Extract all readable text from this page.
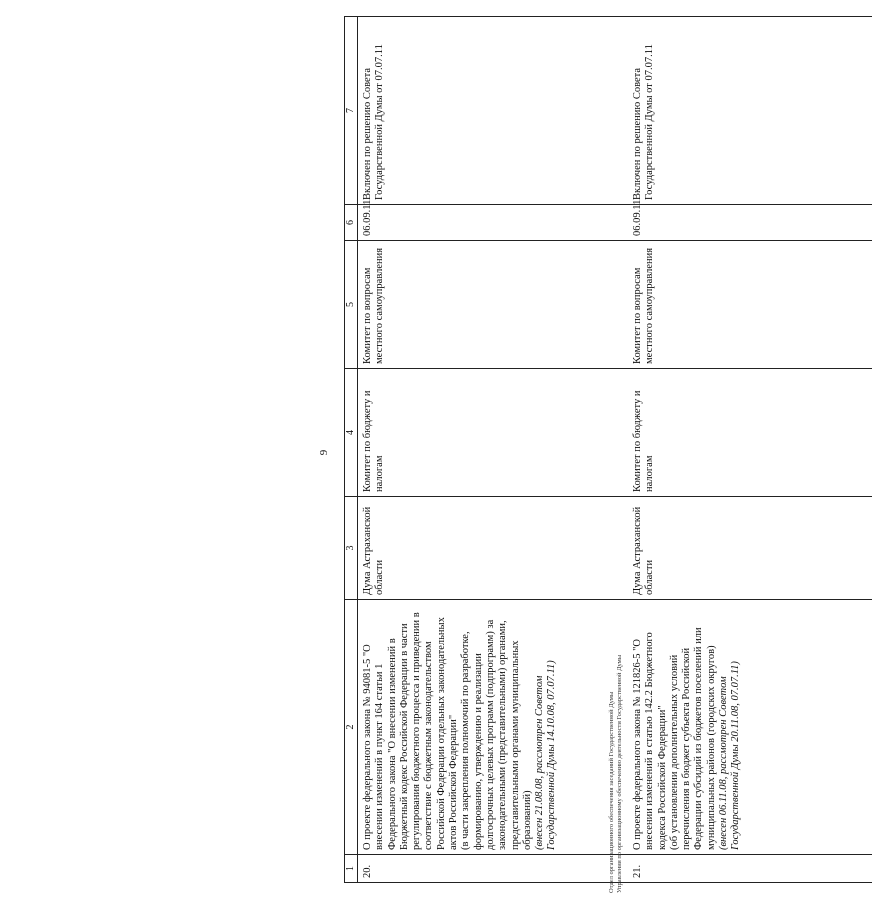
9
1	2	3	4	5	6	7
20.	О проекте федерального закона № 94081-5 "О внесении изменений в пункт 164 статьи 1 Федерального закона "О внесении изменений в Бюджетный кодекс Российской Федерации в части регулирования бюджетного процесса и приведении в соответствие с бюджетным законодательством Российской Федерации отдельных законодательных актов Российской Федерации" (в части закрепления полномочий по разработке, формированию, утверждению и реализации долгосрочных целевых программ (подпрограмм) за законодательными (представительными) органами, представительными органами муниципальных образований) (внесен 21.08.08, рассмотрен Советом Государственной Думы 14.10.08, 07.07.11)	Дума Астраханской области	Комитет по бюджету и налогам	Комитет по вопросам местного самоуправления	06.09.11	Включен по решению Совета Государственной Думы от 07.07.11
21.	О проекте федерального закона № 121826-5 "О внесении изменений в статью 142.2 Бюджетного кодекса Российской Федерации" (об установлении дополнительных условий перечисления в бюджет субъекта Российской Федерации субсидий из бюджетов поселений или муниципальных районов (городских округов) (внесен 06.11.08, рассмотрен Советом Государственной Думы 20.11.08, 07.07.11)	Дума Астраханской области	Комитет по бюджету и налогам	Комитет по вопросам местного самоуправления	06.09.11	Включен по решению Совета Государственной Думы от 07.07.11
Отдел организационного обеспечения заседаний Государственной Думы Управления по организационному обеспечению деятельности Государственной Думы
